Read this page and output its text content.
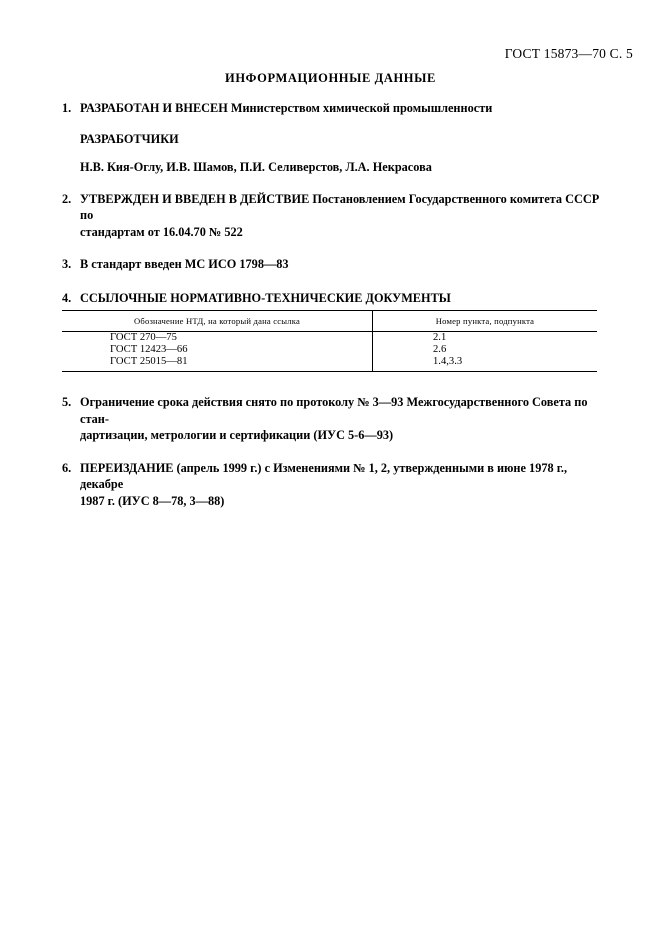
ГОСТ 15873—70 С. 5
ИНФОРМАЦИОННЫЕ ДАННЫЕ
1. РАЗРАБОТАН И ВНЕСЕН Министерством химической промышленности
РАЗРАБОТЧИКИ
Н.В. Кия-Оглу, И.В. Шамов, П.И. Селиверстов, Л.А. Некрасова
2. УТВЕРЖДЕН И ВВЕДЕН В ДЕЙСТВИЕ Постановлением Государственного комитета СССР по
стандартам от 16.04.70 № 522
3. В стандарт введен МС ИСО 1798—83
4. ССЫЛОЧНЫЕ НОРМАТИВНО-ТЕХНИЧЕСКИЕ ДОКУМЕНТЫ
Обозначение НТД, на который дана ссылка	Номер пункта, подпункта
ГОСТ 270—75	2.1
ГОСТ 12423—66	2.6
ГОСТ 25015—81	1.4,3.3
5. Ограничение срока действия снято по протоколу № 3—93 Межгосударственного Совета по стан-
дартизации, метрологии и сертификации (ИУС 5-6—93)
6. ПЕРЕИЗДАНИЕ (апрель 1999 г.) с Изменениями № 1, 2, утвержденными в июне 1978 г., декабре
1987 г. (ИУС 8—78, 3—88)
